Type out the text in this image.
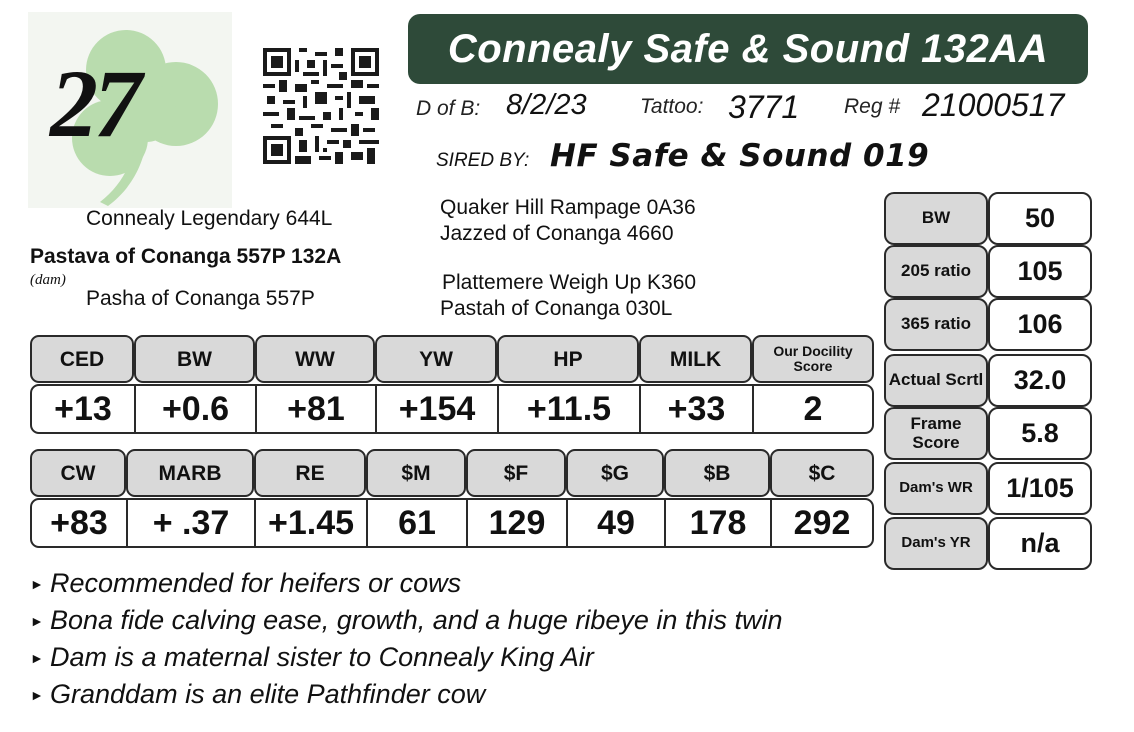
27
Connealy Safe & Sound 132AA
D of B: 8/2/23	Tattoo: 3771 Reg # 21000517
SIRED BY: HF Safe & Sound 019
Connealy Legendary 644L
Pastava of Conanga 557P 132A
(dam)
Pasha of Conanga 557P
Quaker Hill Rampage 0A36
Jazzed of Conanga 4660
Plattemere Weigh Up K360
Pastah of Conanga 030L
CED	BW	WW	YW	HP	MILK	Our Docility Score
+13	+0.6	+81	+154	+11.5	+33	2
CW	MARB	RE	$M	$F	$G	$B	$C
+83	+ .37	+1.45	61	129	49	178	292
BW	50
205 ratio	105
365 ratio	106
Actual Scrtl	32.0
Frame Score	5.8
Dam's WR	1/105
Dam's YR	n/a
► Recommended for heifers or cows
► Bona fide calving ease, growth, and a huge ribeye in this twin
► Dam is a maternal sister to Connealy King Air
► Granddam is an elite Pathfinder cow
